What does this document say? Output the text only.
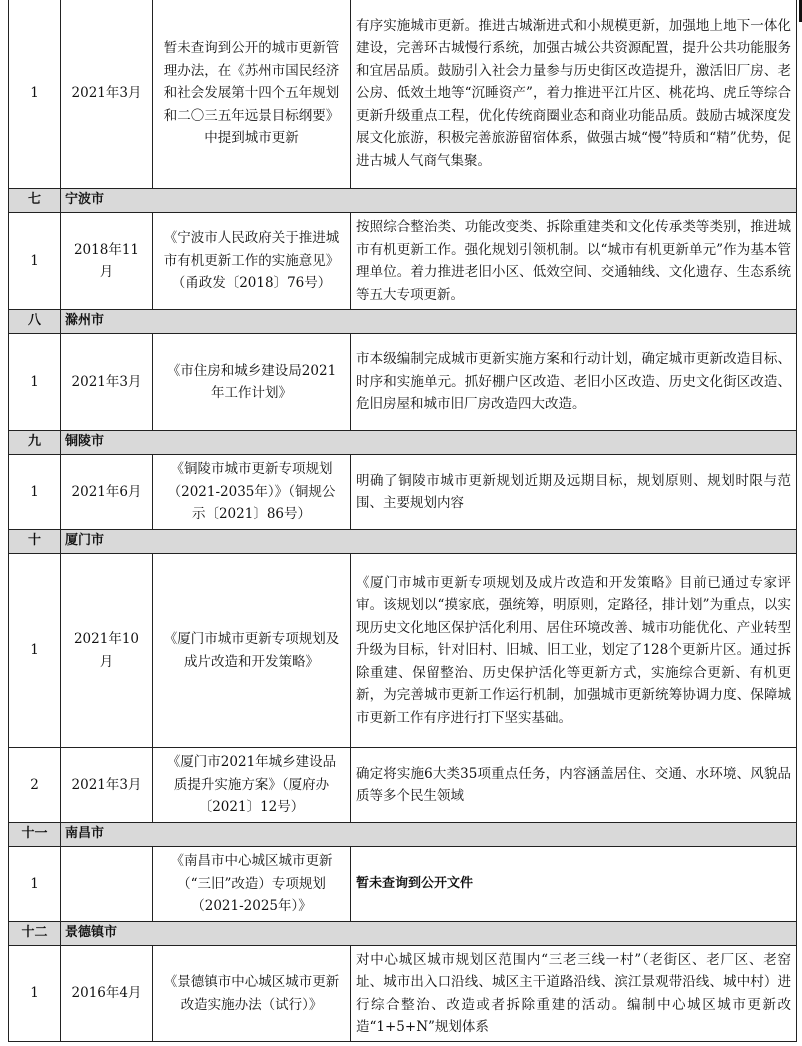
1	2021年3月	暂未查询到公开的城市更新管理办法，在《苏州市国民经济和社会发展第十四个五年规划和二〇三五年远景目标纲要》中提到城市更新	有序实施城市更新。推进古城渐进式和小规模更新，加强地上地下一体化建设，完善环古城慢行系统，加强古城公共资源配置，提升公共功能服务和宜居品质。鼓励引入社会力量参与历史街区改造提升，激活旧厂房、老公房、低效土地等“沉睡资产”，着力推进平江片区、桃花坞、虎丘等综合更新升级重点工程，优化传统商圈业态和商业功能品质。鼓励古城深度发展文化旅游，积极完善旅游留宿体系，做强古城“慢”特质和“精”优势，促进古城人气商气集聚。
七	宁波市		
1	2018年11月	《宁波市人民政府关于推进城市有机更新工作的实施意见》（甬政发〔2018〕76号）	按照综合整治类、功能改变类、拆除重建类和文化传承类等类别，推进城市有机更新工作。强化规划引领机制。以“城市有机更新单元”作为基本管理单位。着力推进老旧小区、低效空间、交通轴线、文化遗存、生态系统等五大专项更新。
八	滁州市		
1	2021年3月	《市住房和城乡建设局2021年工作计划》	市本级编制完成城市更新实施方案和行动计划，确定城市更新改造目标、时序和实施单元。抓好棚户区改造、老旧小区改造、历史文化街区改造、危旧房屋和城市旧厂房改造四大改造。
九	铜陵市		
1	2021年6月	《铜陵市城市更新专项规划（2021-2035年）》（铜规公示〔2021〕86号）	明确了铜陵市城市更新规划近期及远期目标，规划原则、规划时限与范围、主要规划内容
十	厦门市		
1	2021年10月	《厦门市城市更新专项规划及成片改造和开发策略》	《厦门市城市更新专项规划及成片改造和开发策略》目前已通过专家评审。该规划以“摸家底，强统筹，明原则，定路径，排计划”为重点，以实现历史文化地区保护活化利用、居住环境改善、城市功能优化、产业转型升级为目标，针对旧村、旧城、旧工业，划定了128个更新片区。通过拆除重建、保留整治、历史保护活化等更新方式，实施综合更新、有机更新，为完善城市更新工作运行机制，加强城市更新统筹协调力度、保障城市更新工作有序进行打下坚实基础。
2	2021年3月	《厦门市2021年城乡建设品质提升实施方案》（厦府办〔2021〕12号）	确定将实施6大类35项重点任务，内容涵盖居住、交通、水环境、风貌品质等多个民生领域
十一	南昌市		
1		《南昌市中心城区城市更新（“三旧”改造）专项规划（2021-2025年）》	暂未查询到公开文件
十二	景德镇市		
1	2016年4月	《景德镇市中心城区城市更新改造实施办法（试行）》	对中心城区城市规划区范围内“三老三线一村”（老街区、老厂区、老窑址、城市出入口沿线、城区主干道路沿线、滨江景观带沿线、城中村）进行综合整治、改造或者拆除重建的活动。编制中心城区城市更新改造“1+5+N”规划体系
